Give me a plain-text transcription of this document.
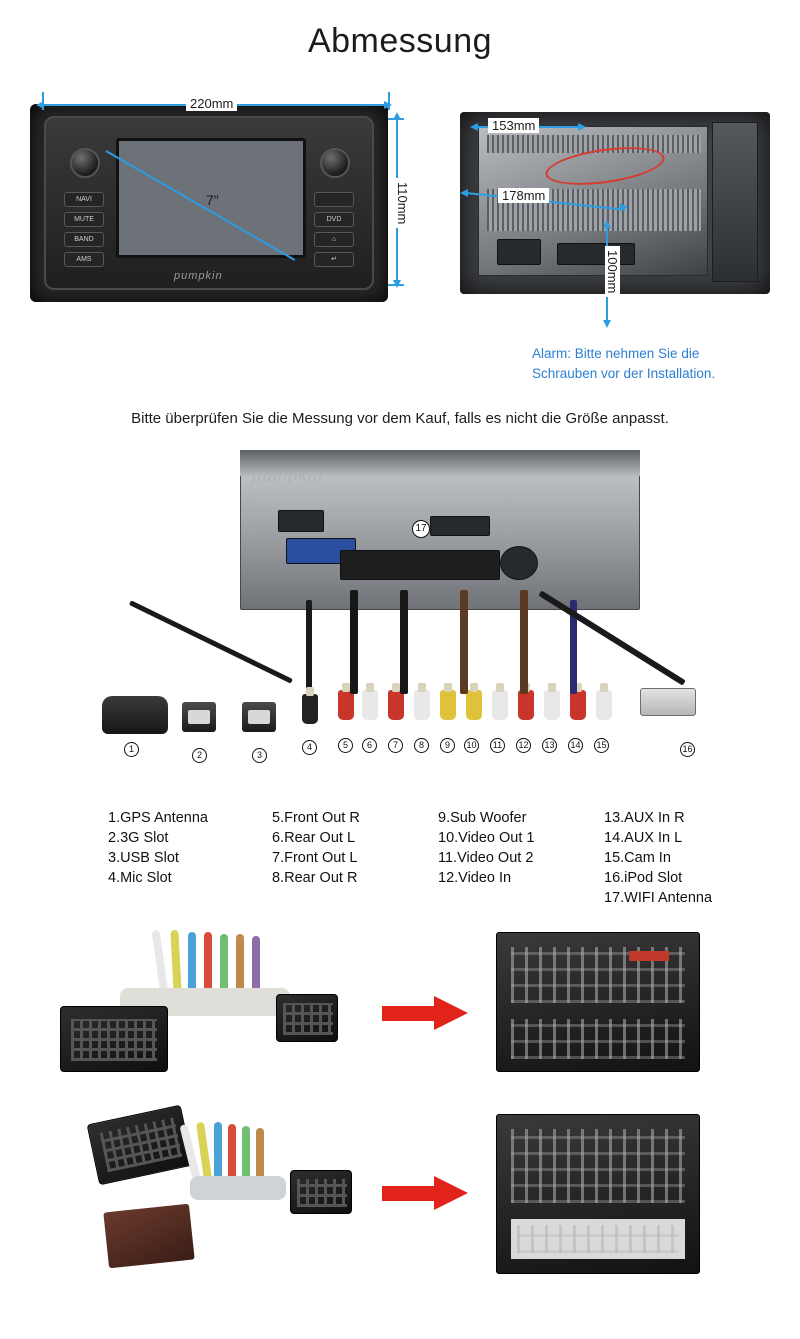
Abmessung
NAVI
MUTE
BAND
AMS
DVD
⌂
↵
pumpkin
220mm
110mm
7"
153mm
178mm
100mm
Alarm: Bitte nehmen Sie die
Schrauben vor der Installation.
Bitte überprüfen Sie die Messung vor dem Kauf, falls es nicht die Größe anpasst.
pumpkin
17
1
2	3
4	5	6	7	8	9	10	11	12 13 14 15	16
1.GPS Antenna
2.3G Slot
3.USB Slot
4.Mic Slot
5.Front Out R
6.Rear Out L
7.Front Out L
8.Rear Out R
9.Sub Woofer
10.Video Out 1
11.Video Out 2
12.Video In
13.AUX In R
14.AUX In L
15.Cam In
16.iPod Slot
17.WIFI Antenna
